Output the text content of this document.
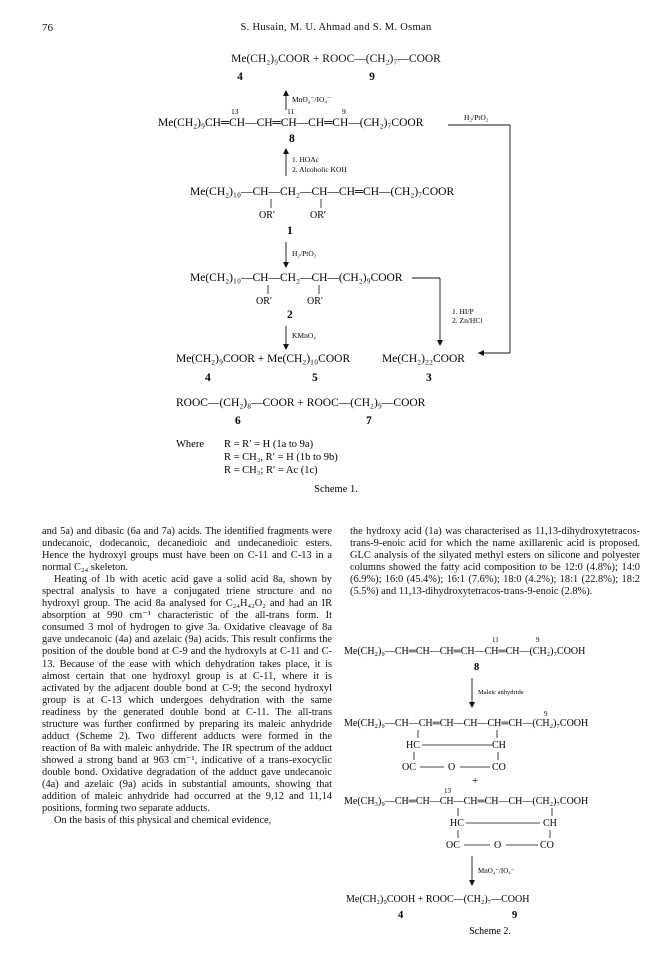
76	S. Husain, M. U. Ahmad and S. M. Osman
Me(CH₂)₉COOR + ROOC—(CH₂)₇—COOR
4	9
MnO₄⁻/IO₄⁻
13	11	9
Me(CH₂)₉CH═CH—CH═CH—CH═CH—(CH₂)₇COOR	H₂/PtO₂
8
1. HOAc
2. Alcoholic KOH
Me(CH₂)₁₀—CH—CH₂—CH—CH═CH—(CH₂)₇COOR
OR′	OR′
1
H₂/PtO₂
Me(CH₂)₁₀—CH—CH₂—CH—(CH₂)₉COOR
OR′	OR′
2	1. HI/P
2. Zn/HCl
KMnO₄
Me(CH₂)₉COOR + Me(CH₂)₁₀COOR	Me(CH₂)₂₂COOR
4	5	3
ROOC—(CH₂)₈—COOR + ROOC—(CH₂)₉—COOR
6	7
Where R = R′ = H (1a to 9a)
R = CH₃, R′ = H (1b to 9b)
R = CH₃; R′ = Ac (1c)
Scheme 1.

and 5a) and dibasic (6a and 7a) acids. The identified fragments were undecanoic, dodecanoic, decanedioic and undecanedioic esters. Hence the hydroxyl groups must have been on C-11 and C-13 in a normal C₂₄ skeleton.

Heating of 1b with acetic acid gave a solid acid 8a, shown by spectral analysis to have a conjugated triene structure and no hydroxyl group. The acid 8a analysed for C₂₄H₄₂O₂ and had an IR absorption at 990 cm⁻¹ characteristic of the all-trans form. It consumed 3 mol of hydrogen to give 3a. Oxidative cleavage of 8a gave undecanoic (4a) and azelaic (9a) acids. This result confirms the position of the double bond at C-9 and the hydroxyls at C-11 and C-13. Because of the ease with which dehydration takes place, it is almost certain that one hydroxyl group is at C-11, where it is activated by the adjacent double bond at C-9; the second hydroxyl group is at C-13 which undergoes dehydration with the same readiness by the generated double bond at C-11. The all-trans structure was further confirmed by preparing its maleic anhydride adduct (Scheme 2). Two different adducts were formed in the reaction of 8a with maleic anhydride. The IR spectrum of the adduct showed a strong band at 963 cm⁻¹, indicative of a trans-exocyclic double bond. Oxidative degradation of the adduct gave undecanoic (4a) and azelaic (9a) acids in substantial amounts, showing that addition of maleic anhydride had occurred at the 9,12 and 11,14 positions, forming two separate adducts.

On the basis of this physical and chemical evidence,

the hydroxy acid (1a) was characterised as 11,13-dihydroxytetracos-trans-9-enoic acid for which the name axillarenic acid is proposed. GLC analysis of the silyated methyl esters on silicone and polyester columns showed the fatty acid composition to be 12:0 (4.8%); 14:0 (6.9%); 16:0 (45.4%); 16:1 (7.6%); 18:0 (4.2%); 18:1 (22.8%); 18:2 (5.5%) and 11,13-dihydroxytetracos-trans-9-enoic (2.8%).

11	9
Me(CH₂)₉—CH═CH—CH═CH—CH═CH—(CH₂)₇COOH
8
Maleic anhydride
9
Me(CH₂)₉—CH—CH═CH—CH—CH═CH—(CH₂)₇COOH
HC	CH
OC	O	CO
+
13
Me(CH₃)₉—CH═CH—CH—CH═CH—CH—(CH₂)₇COOH
HC	CH
OC	O	CO
MnO₄⁻/IO₄⁻
Me(CH₂)₉COOH + ROOC—(CH₂)₇—COOH
4	9
Scheme 2.
